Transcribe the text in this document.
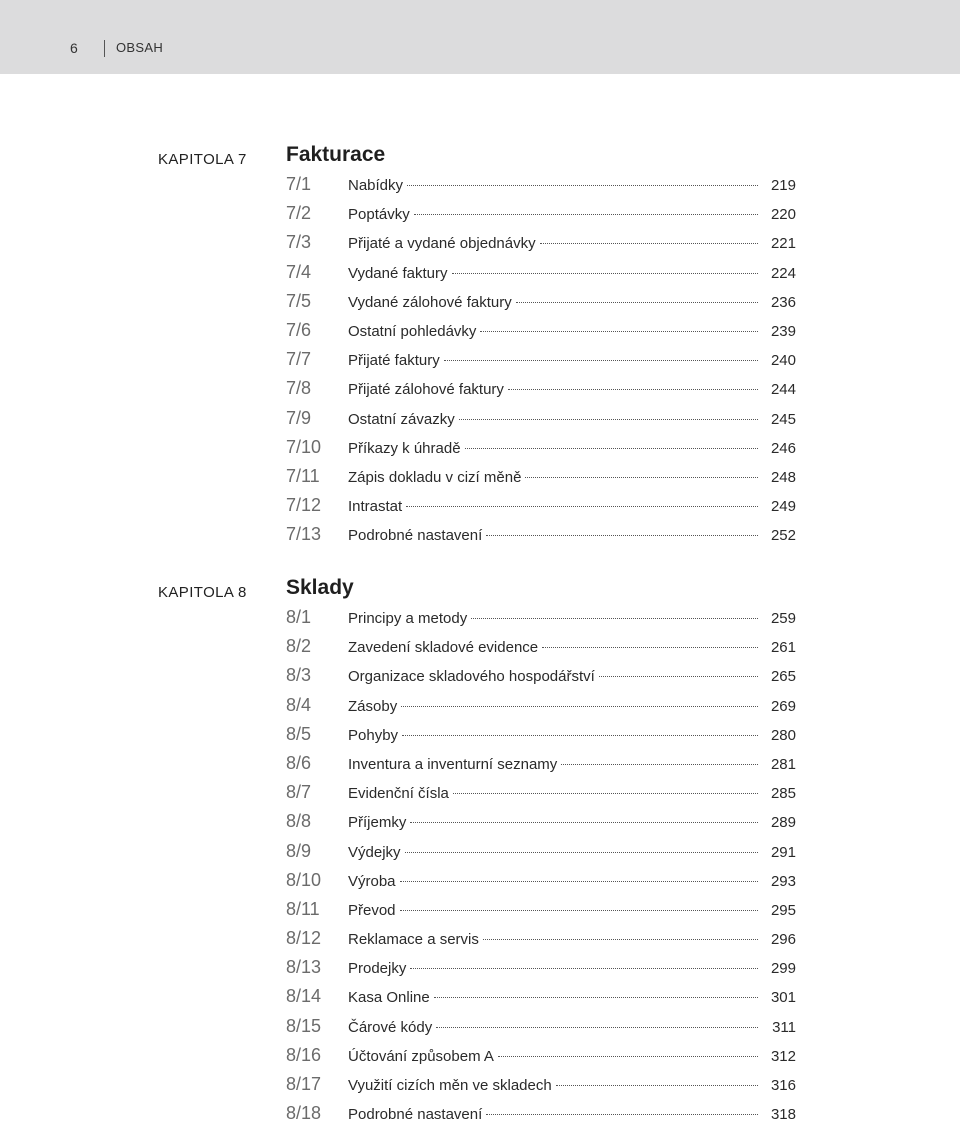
6	OBSAH
KAPITOLA 7 Fakturace
7/1	Nabídky	219
7/2	Poptávky	220
7/3	Přijaté a vydané objednávky	221
7/4	Vydané faktury	224
7/5	Vydané zálohové faktury	236
7/6	Ostatní pohledávky	239
7/7	Přijaté faktury	240
7/8	Přijaté zálohové faktury	244
7/9	Ostatní závazky	245
7/10	Příkazy k úhradě	246
7/11	Zápis dokladu v cizí měně	248
7/12	Intrastat	249
7/13	Podrobné nastavení	252
KAPITOLA 8 Sklady
8/1	Principy a metody	259
8/2	Zavedení skladové evidence	261
8/3	Organizace skladového hospodářství	265
8/4	Zásoby	269
8/5	Pohyby	280
8/6	Inventura a inventurní seznamy	281
8/7	Evidenční čísla	285
8/8	Příjemky	289
8/9	Výdejky	291
8/10	Výroba	293
8/11	Převod	295
8/12	Reklamace a servis	296
8/13	Prodejky	299
8/14	Kasa Online	301
8/15	Čárové kódy	311
8/16	Účtování způsobem A	312
8/17	Využití cizích měn ve skladech	316
8/18	Podrobné nastavení	318
